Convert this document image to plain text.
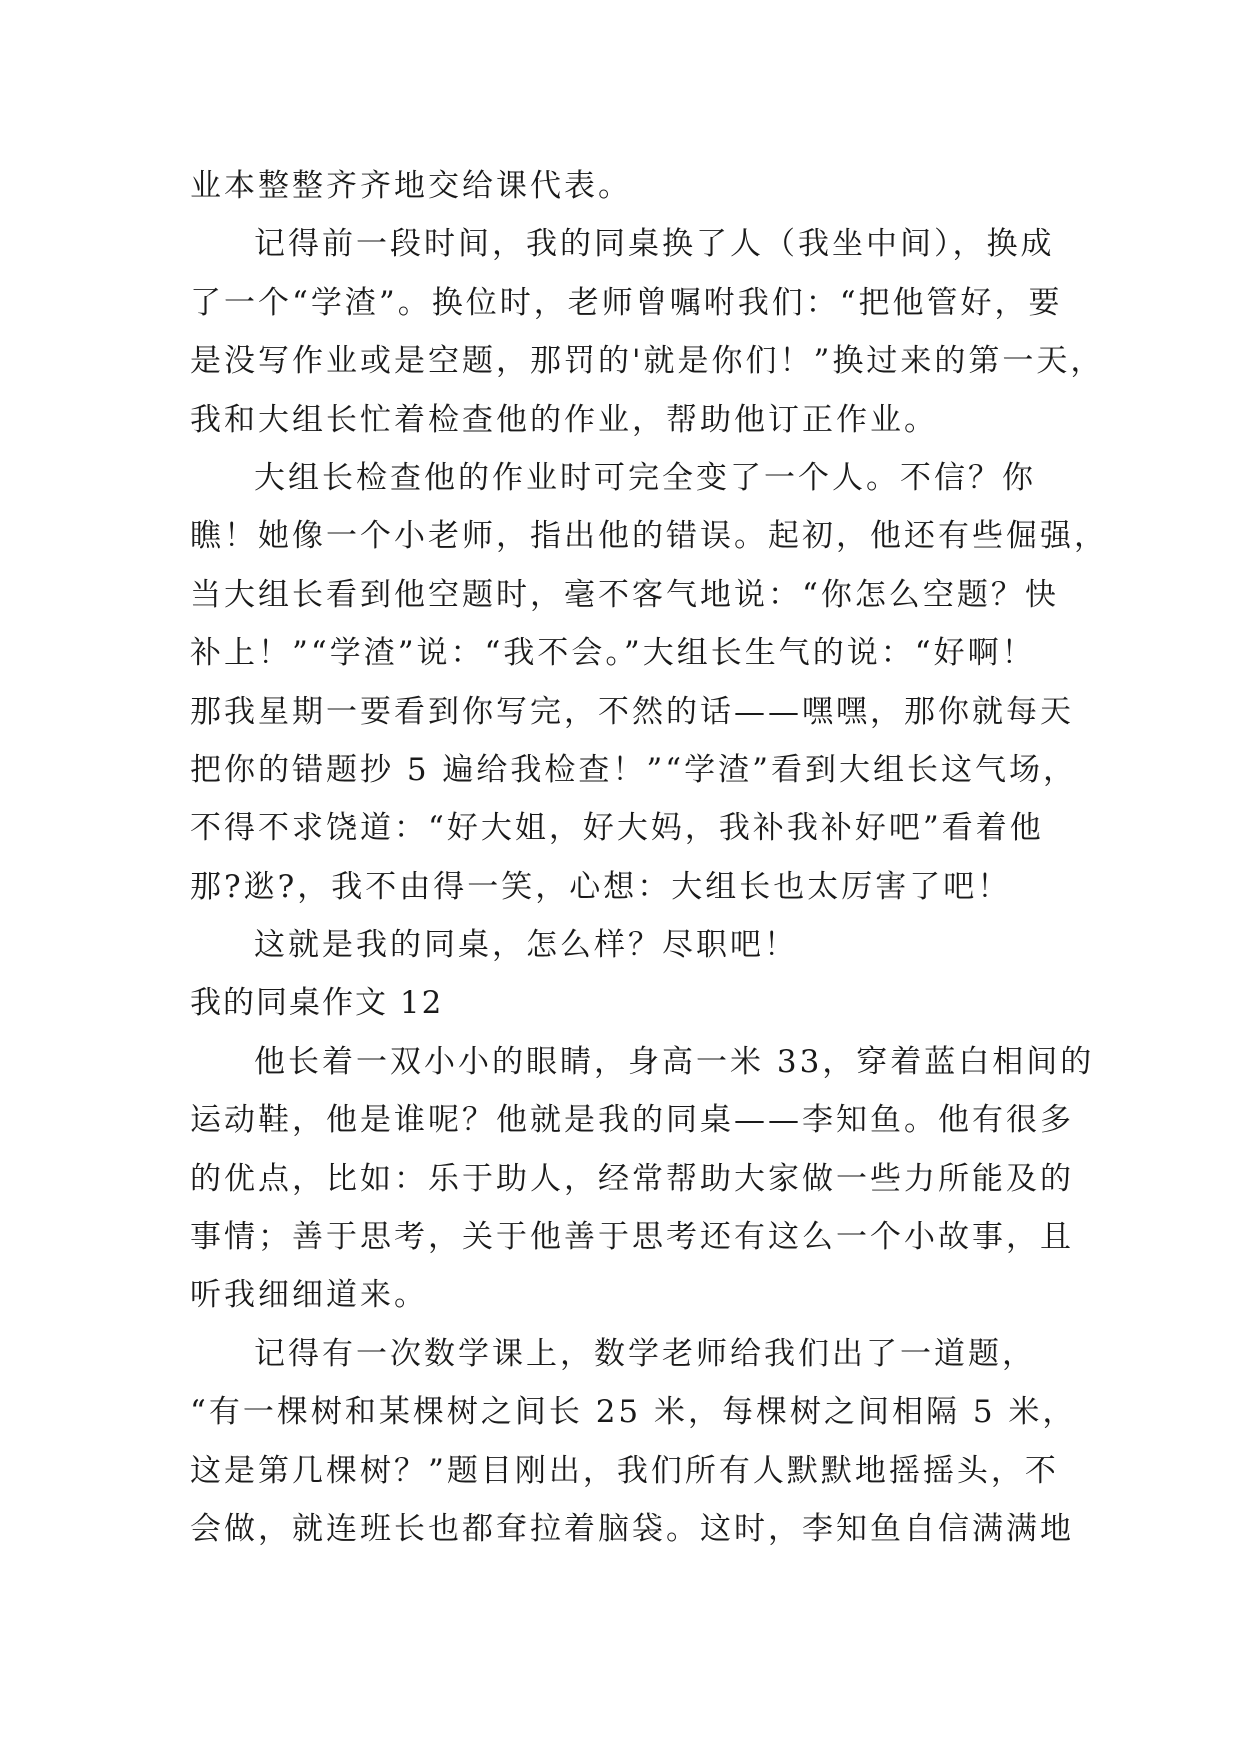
业本整整齐齐地交给课代表。
记得前一段时间，我的同桌换了人（我坐中间），换成
了一个“学渣”。换位时，老师曾嘱咐我们：“把他管好，要
是没写作业或是空题，那罚的'就是你们！”换过来的第一天，
我和大组长忙着检查他的作业，帮助他订正作业。
大组长检查他的作业时可完全变了一个人。不信？你
瞧！她像一个小老师，指出他的错误。起初，他还有些倔强，
当大组长看到他空题时，毫不客气地说：“你怎么空题？快
补上！”“学渣”说：“我不会。”大组长生气的说：“好啊！
那我星期一要看到你写完，不然的话——嘿嘿，那你就每天
把你的错题抄 5 遍给我检查！”“学渣”看到大组长这气场，
不得不求饶道：“好大姐，好大妈，我补我补好吧”看着他
那?逖?，我不由得一笑，心想：大组长也太厉害了吧！
这就是我的同桌，怎么样？尽职吧！
我的同桌作文 12
他长着一双小小的眼睛，身高一米 33，穿着蓝白相间的
运动鞋，他是谁呢？他就是我的同桌——李知鱼。他有很多
的优点，比如：乐于助人，经常帮助大家做一些力所能及的
事情；善于思考，关于他善于思考还有这么一个小故事，且
听我细细道来。
记得有一次数学课上，数学老师给我们出了一道题，
“有一棵树和某棵树之间长 25 米，每棵树之间相隔 5 米，
这是第几棵树？”题目刚出，我们所有人默默地摇摇头，不
会做，就连班长也都耷拉着脑袋。这时，李知鱼自信满满地
